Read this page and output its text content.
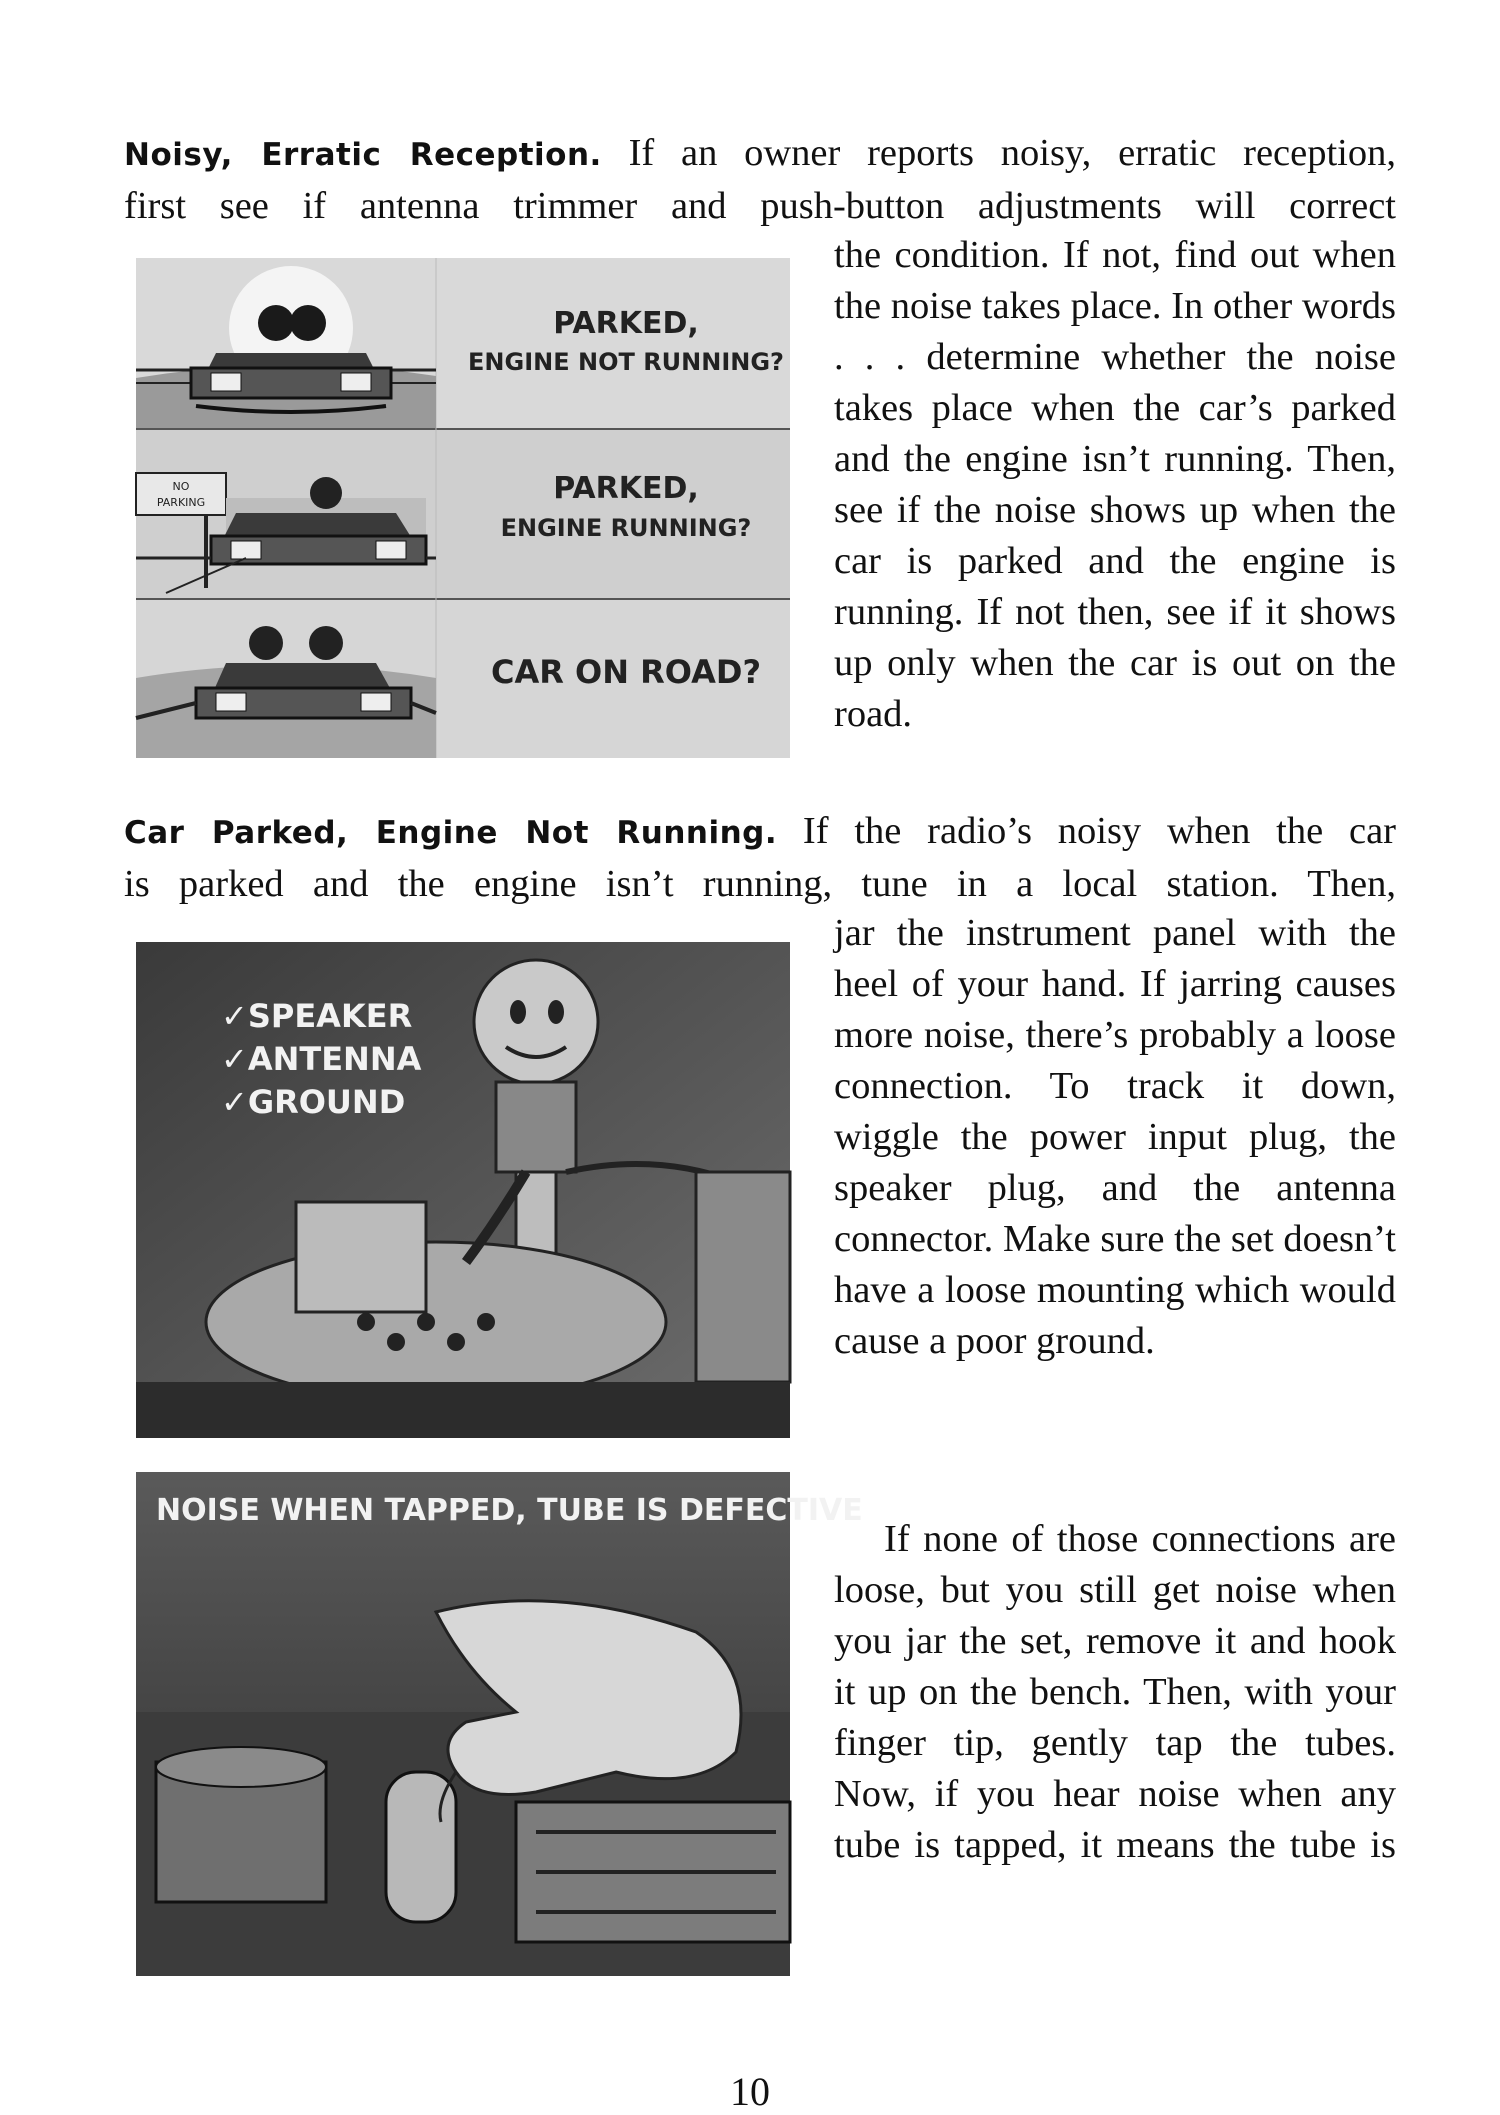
Noisy, Erratic Reception. If an owner reports noisy, erratic reception,
first see if antenna trimmer and push-button adjustments will correct

NO
PARKING
PARKED,
ENGINE NOT RUNNING?
PARKED,
ENGINE RUNNING?
CAR ON ROAD?

the condition. If not, find out when the noise takes place. In other words . . . determine whether the noise takes place when the car’s parked and the engine isn’t running. Then, see if the noise shows up when the car is parked and the engine is running. If not then, see if it shows up only when the car is out on the road.

Car Parked, Engine Not Running. If the radio’s noisy when the car
is parked and the engine isn’t running, tune in a local station. Then,

✓SPEAKER
✓ANTENNA
✓GROUND

jar the instrument panel with the heel of your hand. If jarring causes more noise, there’s probably a loose connection. To track it down, wiggle the power input plug, the speaker plug, and the antenna connector. Make sure the set doesn’t have a loose mounting which would cause a poor ground.

NOISE WHEN TAPPED, TUBE IS DEFECTIVE

If none of those connections are loose, but you still get noise when you jar the set, remove it and hook it up on the bench. Then, with your finger tip, gently tap the tubes. Now, if you hear noise when any tube is tapped, it means the tube is

10
